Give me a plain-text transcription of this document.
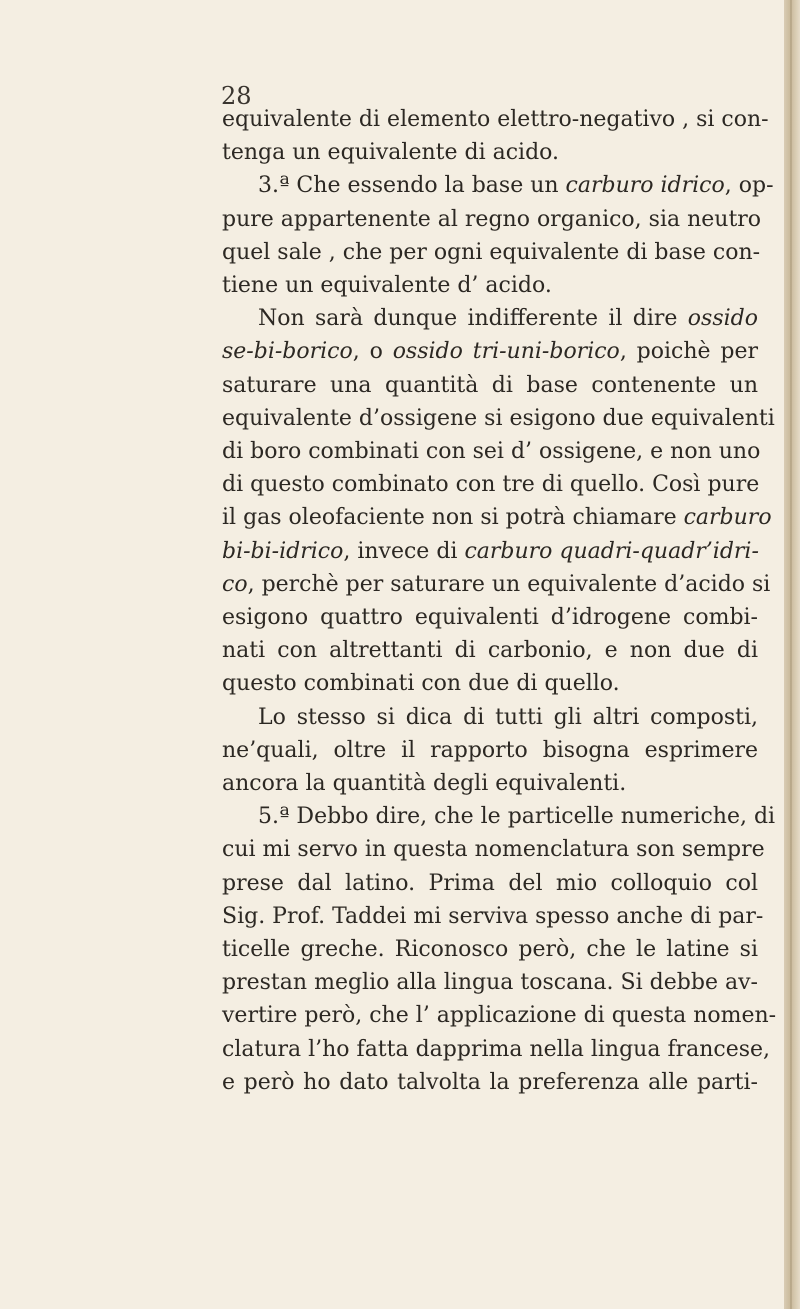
28
equivalente di elemento elettro-negativo , si con-
tenga un equivalente di acido.
3.ª Che essendo la base un carburo idrico, op-
pure appartenente al regno organico, sia neutro
quel sale , che per ogni equivalente di base con-
tiene un equivalente d’ acido.
Non sarà dunque indifferente il dire ossido
se-bi-borico, o ossido tri-uni-borico, poichè per
saturare una quantità di base contenente un
equivalente d’ossigene si esigono due equivalenti
di boro combinati con sei d’ ossigene, e non uno
di questo combinato con tre di quello. Così pure
il gas oleofaciente non si potrà chiamare carburo
bi-bi-idrico, invece di carburo quadri-quadr’idri-
co, perchè per saturare un equivalente d’acido si
esigono quattro equivalenti d’idrogene combi-
nati con altrettanti di carbonio, e non due di
questo combinati con due di quello.
Lo stesso si dica di tutti gli altri composti,
ne’quali, oltre il rapporto bisogna esprimere
ancora la quantità degli equivalenti.
5.ª Debbo dire, che le particelle numeriche, di
cui mi servo in questa nomenclatura son sempre
prese dal latino. Prima del mio colloquio col
Sig. Prof. Taddei mi serviva spesso anche di par-
ticelle greche. Riconosco però, che le latine si
prestan meglio alla lingua toscana. Si debbe av-
vertire però, che l’ applicazione di questa nomen-
clatura l’ho fatta dapprima nella lingua francese,
e però ho dato talvolta la preferenza alle parti-
